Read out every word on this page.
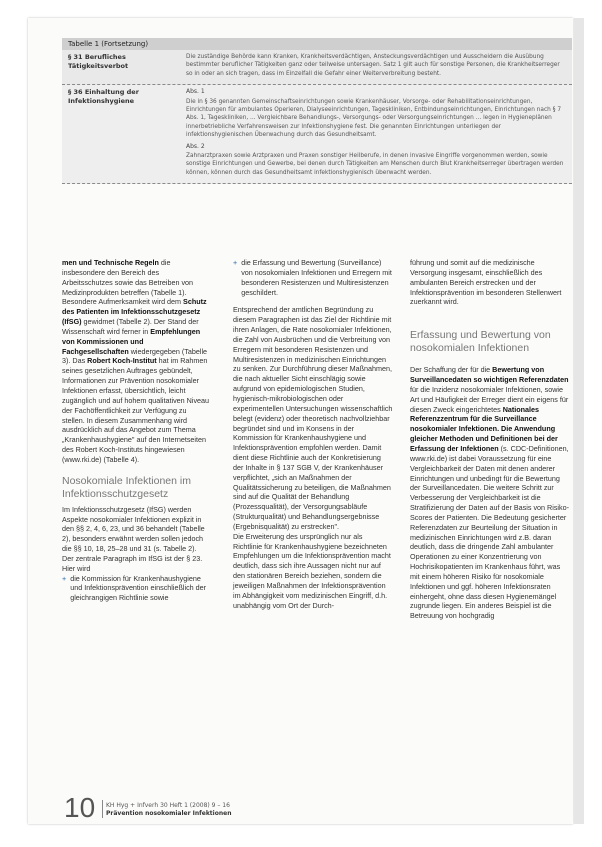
Tabelle 1 (Fortsetzung)
§ 31 Berufliches Tätigkeitsverbot

Die zuständige Behörde kann Kranken, Krankheitsverdächtigen, Ansteckungsverdächtigen und Ausscheidern die Ausübung bestimmter beruflicher Tätigkeiten ganz oder teilweise untersagen. Satz 1 gilt auch für sonstige Personen, die Krankheitserreger so in oder an sich tragen, dass im Einzelfall die Gefahr einer Weiterverbreitung besteht.

§ 36 Einhaltung der Infektionshygiene
Abs. 1

Die in § 36 genannten Gemeinschaftseinrichtungen sowie Krankenhäuser, Vorsorge- oder Rehabilitationseinrichtungen, Einrichtungen für ambulantes Operieren, Dialyseeinrichtungen, Tageskliniken, Entbindungseinrichtungen, Einrichtungen nach § 7 Abs. 1, Tageskliniken, ... Vergleichbare Behandlungs-, Versorgungs- oder Versorgungseinrichtungen ... legen in Hygieneplänen innerbetriebliche Verfahrensweisen zur Infektionshygiene fest. Die genannten Einrichtungen unterliegen der infektionshygienischen Überwachung durch das Gesundheitsamt.

Abs. 2

Zahnarztpraxen sowie Arztpraxen und Praxen sonstiger Heilberufe, in denen invasive Eingriffe vorgenommen werden, sowie sonstige Einrichtungen und Gewerbe, bei denen durch Tätigkeiten am Menschen durch Blut Krankheitserreger übertragen werden können, können durch das Gesundheitsamt infektionshygienisch überwacht werden.

men und Technische Regeln die insbesondere den Bereich des Arbeitsschutzes sowie das Betreiben von Medizinprodukten betreffen (Tabelle 1).

Besondere Aufmerksamkeit wird dem Schutz des Patienten im Infektionsschutzgesetz (IfSG) gewidmet (Tabelle 2). Der Stand der Wissenschaft wird ferner in Empfehlungen von Kommissionen und Fachgesellschaften wiedergegeben (Tabelle 3). Das Robert Koch-Institut hat im Rahmen seines gesetzlichen Auftrages gebündelt, Informationen zur Prävention nosokomialer Infektionen erfasst, übersichtlich, leicht zugänglich und auf hohem qualitativen Niveau der Fachöffentlichkeit zur Verfügung zu stellen. In diesem Zusammenhang wird ausdrücklich auf das Angebot zum Thema „Krankenhaushygiene" auf den Internetseiten des Robert Koch-Instituts hingewiesen (www.rki.de) (Tabelle 4).

Nosokomiale Infektionen im Infektionsschutzgesetz

Im Infektionsschutzgesetz (IfSG) werden Aspekte nosokomialer Infektionen explizit in den §§ 2, 4, 6, 23, und 36 behandelt (Tabelle 2), besonders erwähnt werden sollen jedoch die §§ 10, 18, 25–28 und 31 (s. Tabelle 2).

Der zentrale Paragraph im IfSG ist der § 23. Hier wird

+ die Kommission für Krankenhaushygiene und Infektionsprävention einschließlich der gleichrangigen Richtlinie sowie
+ die Erfassung und Bewertung (Surveillance) von nosokomialen Infektionen und Erregern mit besonderen Resistenzen und Multiresistenzen geschildert.

Entsprechend der amtlichen Begründung zu diesem Paragraphen ist das Ziel der Richtlinie mit ihren Anlagen, die Rate nosokomialer Infektionen, die Zahl von Ausbrüchen und die Verbreitung von Erregern mit besonderen Resistenzen und Multiresistenzen in medizinischen Einrichtungen zu senken. Zur Durchführung dieser Maßnahmen, die nach aktueller Sicht einschlägig sowie aufgrund von epidemiologischen Studien, hygienisch-mikrobiologischen oder experimentellen Untersuchungen wissenschaftlich belegt (evidenz) oder theoretisch nachvollziehbar begründet sind und im Konsens in der Kommission für Krankenhaushygiene und Infektionsprävention empfohlen werden. Damit dient diese Richtlinie auch der Konkretisierung der Inhalte in § 137 SGB V, der Krankenhäuser verpflichtet, „sich an Maßnahmen der Qualitätssicherung zu beteiligen, die Maßnahmen sind auf die Qualität der Behandlung (Prozessqualität), der Versorgungsabläufe (Strukturqualität) und Behandlungsergebnisse (Ergebnisqualität) zu erstrecken".

Die Erweiterung des ursprünglich nur als Richtlinie für Krankenhaushygiene bezeichneten Empfehlungen um die Infektionsprävention macht deutlich, dass sich ihre Aussagen nicht nur auf den stationären Bereich beziehen, sondern die jeweiligen Maßnahmen der Infektionsprävention im Abhängigkeit vom medizinischen Eingriff, d.h. unabhängig vom Ort der Durch-

führung und somit auf die medizinische Versorgung insgesamt, einschließlich des ambulanten Bereich erstrecken und der Infektionsprävention im besonderen Stellenwert zuerkannt wird.

Erfassung und Bewertung von nosokomialen Infektionen

Der Schaffung der für die Bewertung von Surveillancedaten so wichtigen Referenzdaten für die Inzidenz nosokomialer Infektionen, sowie Art und Häufigkeit der Erreger dient ein eigens für diesen Zweck eingerichtetes Nationales Referenzzentrum für die Surveillance nosokomialer Infektionen. Die Anwendung gleicher Methoden und Definitionen bei der Erfassung der Infektionen (s. CDC-Definitionen, www.rki.de) ist dabei Voraussetzung für eine Vergleichbarkeit der Daten mit denen anderer Einrichtungen und unbedingt für die Bewertung der Surveillancedaten. Die weitere Schritt zur Verbesserung der Vergleichbarkeit ist die Stratifizierung der Daten auf der Basis von Risiko-Scores der Patienten. Die Bedeutung gesicherter Referenzdaten zur Beurteilung der Situation in medizinischen Einrichtungen wird z.B. daran deutlich, dass die dringende Zahl ambulanter Operationen zu einer Konzentrierung von Hochrisikopatienten im Krankenhaus führt, was mit einem höheren Risiko für nosokomiale Infektionen und ggf. höheren Infektionsraten einhergeht, ohne dass diesen Hygienemängel zugrunde liegen. Ein anderes Beispiel ist die Betreuung von hochgradig

10 KH Hyg + Infverh 30 Heft 1 (2008) 9 – 16
Prävention nosokomialer Infektionen
